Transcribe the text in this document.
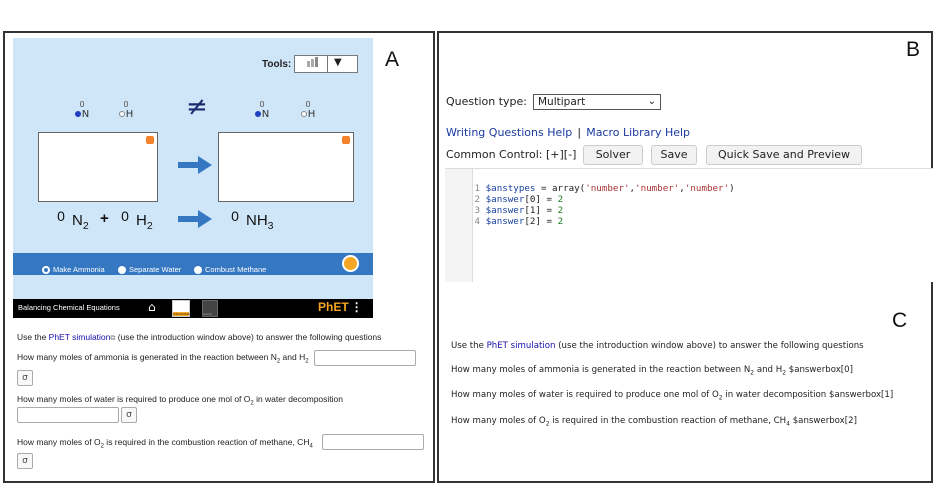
A	B
C
Tools:	▼
0
N
0
H ≠	0
N
0
H
0 $N_2 + 0$ $H_2$
0 $NH_3$
Make Ammonia	Separate Water	Combust Methane
Balancing Chemical Equations ⌂	Introduction	Game	PhET ⋮
Use the PhET simulation⧉ (use the introduction window above) to answer the following questions
How many moles of ammonia is generated in the reaction between $N_2$ and $H_2$
σ
How many moles of water is required to produce one mol of $O_2$ in water decomposition
σ
How many moles of $O_2$ is required in the combustion reaction of methane, $CH_4$
σ
Question type:	Multipart	⌄
Writing Questions Help | Macro Library Help
Common Control: [+][-]	Solver	Save	Quick Save and Preview

1 $anstypes = array('number','number','number')

2 $answer[0] = 2

3 $answer[1] = 2

4 $answer[2] = 2

Use the PhET simulation (use the introduction window above) to answer the following questions
How many moles of ammonia is generated in the reaction between $N_2$ and $H_2$ $answerbox[0]
How many moles of water is required to produce one mol of $O_2$ in water decomposition $answerbox[1]
How many moles of $O_2$ is required in the combustion reaction of methane, $CH_4$ $answerbox[2]
